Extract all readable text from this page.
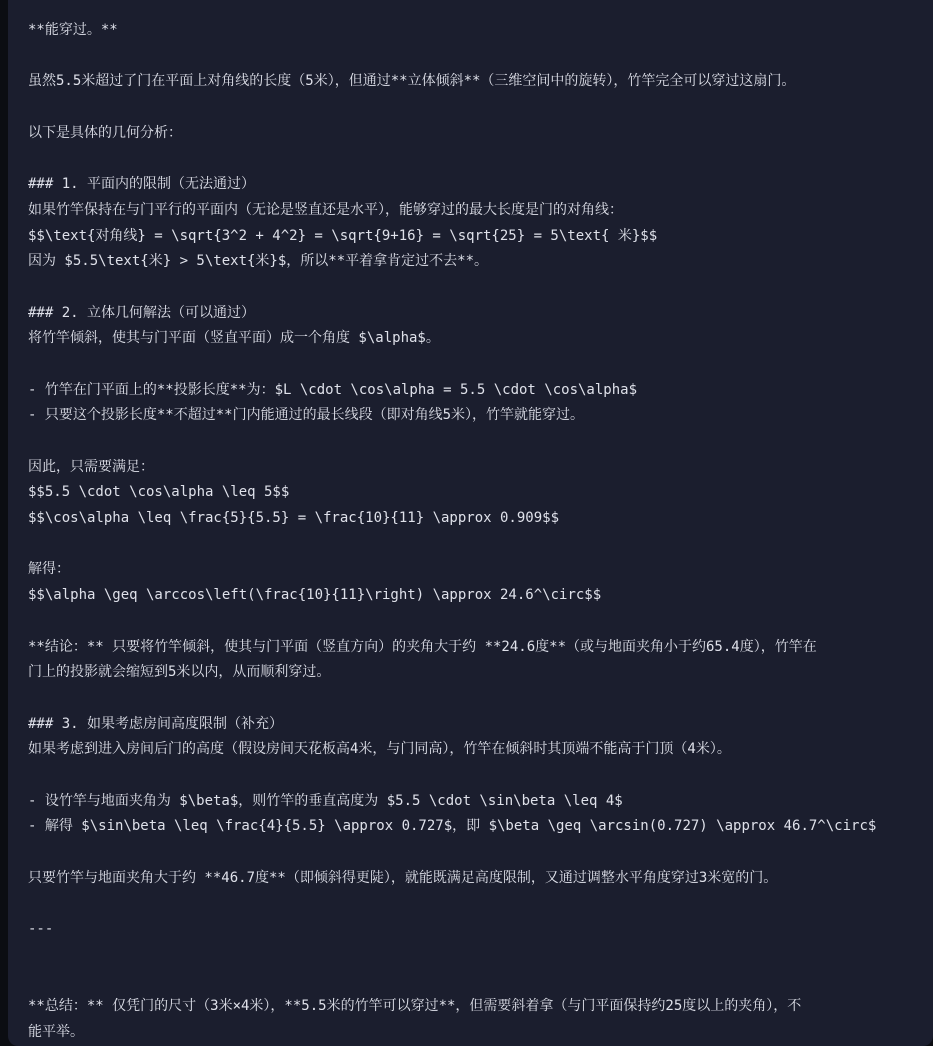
**能穿过。**

虽然5.5米超过了门在平面上对角线的长度（5米），但通过**立体倾斜**（三维空间中的旋转），竹竿完全可以穿过这扇门。

以下是具体的几何分析：

### 1. 平面内的限制（无法通过）
如果竹竿保持在与门平行的平面内（无论是竖直还是水平），能够穿过的最大长度是门的对角线：
$$\text{对角线} = \sqrt{3^2 + 4^2} = \sqrt{9+16} = \sqrt{25} = 5\text{ 米}$$
因为 $5.5\text{米} > 5\text{米}$，所以**平着拿肯定过不去**。

### 2. 立体几何解法（可以通过）
将竹竿倾斜，使其与门平面（竖直平面）成一个角度 $\alpha$。

- 竹竿在门平面上的**投影长度**为：$L \cdot \cos\alpha = 5.5 \cdot \cos\alpha$
- 只要这个投影长度**不超过**门内能通过的最长线段（即对角线5米），竹竿就能穿过。

因此，只需要满足：
$$5.5 \cdot \cos\alpha \leq 5$$
$$\cos\alpha \leq \frac{5}{5.5} = \frac{10}{11} \approx 0.909$$

解得：
$$\alpha \geq \arccos\left(\frac{10}{11}\right) \approx 24.6^\circ$$

**结论：** 只要将竹竿倾斜，使其与门平面（竖直方向）的夹角大于约 **24.6度**（或与地面夹角小于约65.4度），竹竿在
门上的投影就会缩短到5米以内，从而顺利穿过。

### 3. 如果考虑房间高度限制（补充）
如果考虑到进入房间后门的高度（假设房间天花板高4米，与门同高），竹竿在倾斜时其顶端不能高于门顶（4米）。

- 设竹竿与地面夹角为 $\beta$，则竹竿的垂直高度为 $5.5 \cdot \sin\beta \leq 4$
- 解得 $\sin\beta \leq \frac{4}{5.5} \approx 0.727$，即 $\beta \geq \arcsin(0.727) \approx 46.7^\circ$

只要竹竿与地面夹角大于约 **46.7度**（即倾斜得更陡），就能既满足高度限制，又通过调整水平角度穿过3米宽的门。

---

**总结：** 仅凭门的尺寸（3米×4米），**5.5米的竹竿可以穿过**，但需要斜着拿（与门平面保持约25度以上的夹角），不
能平举。
